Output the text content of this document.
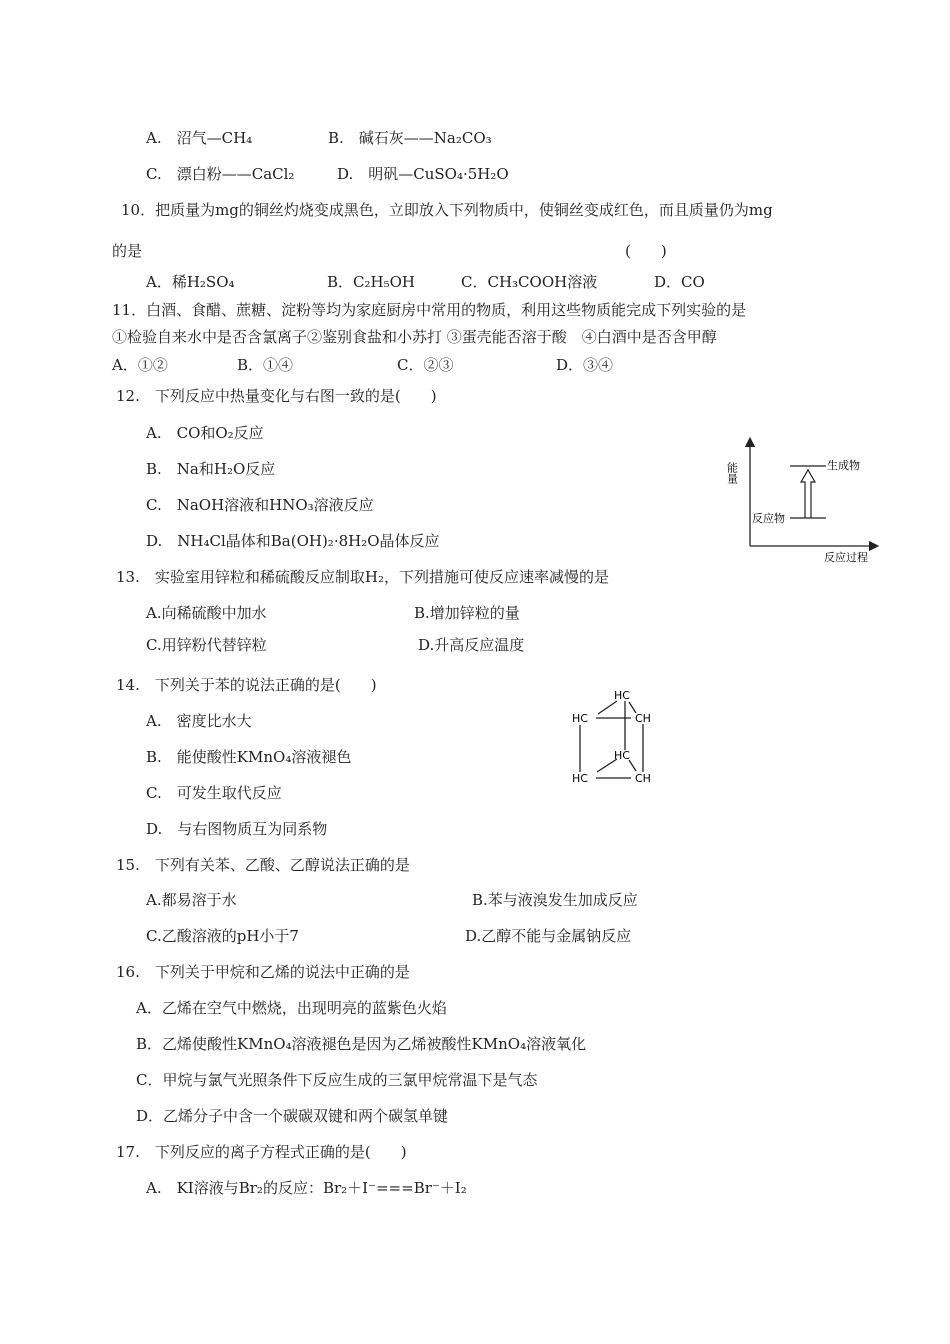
A.　沼气—CH₄	B.　碱石灰——Na₂CO₃
C.　漂白粉——CaCl₂	D.　明矾—CuSO₄·5H₂O
10．把质量为mg的铜丝灼烧变成黑色，立即放入下列物质中，使铜丝变成红色，而且质量仍为mg
的是	(　　)
A．稀H₂SO₄	B．C₂H₅OH	C．CH₃COOH溶液	D．CO
11．白酒、食醋、蔗糖、淀粉等均为家庭厨房中常用的物质，利用这些物质能完成下列实验的是
①检验自来水中是否含氯离子②鉴别食盐和小苏打 ③蛋壳能否溶于酸　④白酒中是否含甲醇
A．①②	B．①④	C．②③	D．③④
12.　下列反应中热量变化与右图一致的是(　　)
A.　CO和O₂反应
B.　Na和H₂O反应
C.　NaOH溶液和HNO₃溶液反应
D.　NH₄Cl晶体和Ba(OH)₂·8H₂O晶体反应
能量
反应过程
生成物
反应物
13.　实验室用锌粒和稀硫酸反应制取H₂，下列措施可使反应速率减慢的是
A.向稀硫酸中加水	B.增加锌粒的量
C.用锌粉代替锌粒	D.升高反应温度
14.　下列关于苯的说法正确的是(　　)
A.　密度比水大
B.　能使酸性KMnO₄溶液褪色
C.　可发生取代反应
D.　与右图物质互为同系物
HC
HC	CH
HC
HC	CH
15.　下列有关苯、乙酸、乙醇说法正确的是
A.都易溶于水	B.苯与液溴发生加成反应
C.乙酸溶液的pH小于7	D.乙醇不能与金属钠反应
16.　下列关于甲烷和乙烯的说法中正确的是
A．乙烯在空气中燃烧，出现明亮的蓝紫色火焰
B．乙烯使酸性KMnO₄溶液褪色是因为乙烯被酸性KMnO₄溶液氧化
C．甲烷与氯气光照条件下反应生成的三氯甲烷常温下是气态
D．乙烯分子中含一个碳碳双键和两个碳氢单键
17.　下列反应的离子方程式正确的是(　　)
A.　KI溶液与Br₂的反应：Br₂＋I⁻===Br⁻＋I₂
